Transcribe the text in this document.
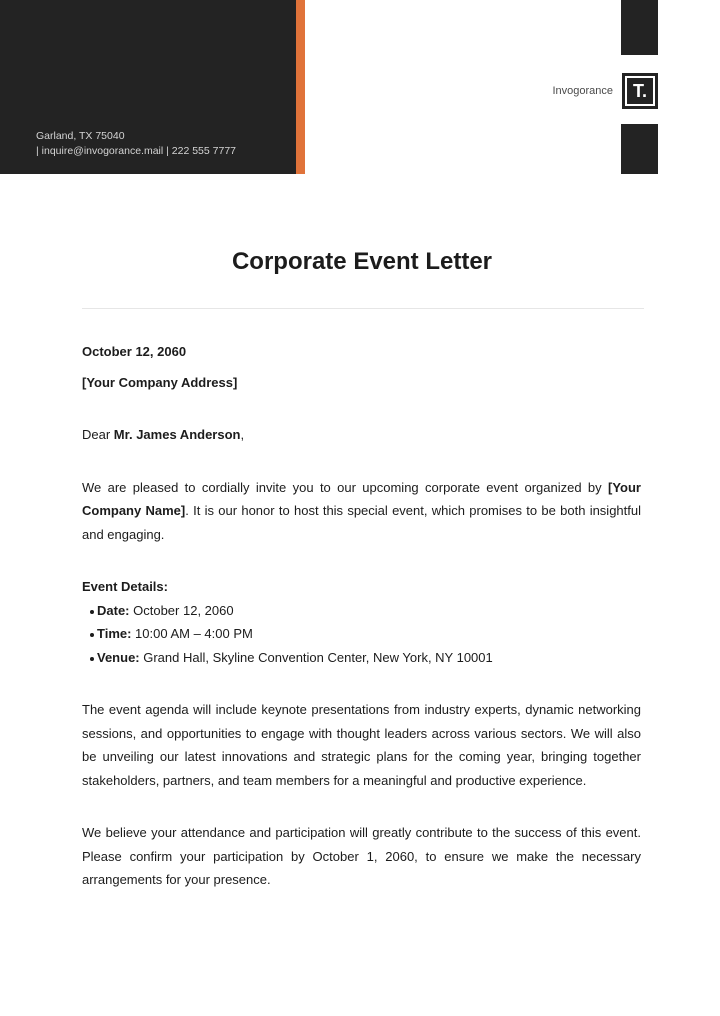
Garland, TX 75040
| inquire@invogorance.mail | 222 555 7777
Invogorance	T.
Corporate Event Letter

October 12, 2060

[Your Company Address]

Dear Mr. James Anderson,

We are pleased to cordially invite you to our upcoming corporate event organized by [Your Company Name]. It is our honor to host this special event, which promises to be both insightful and engaging.

Event Details:

Date: October 12, 2060
Time: 10:00 AM – 4:00 PM
Venue: Grand Hall, Skyline Convention Center, New York, NY 10001

The event agenda will include keynote presentations from industry experts, dynamic networking sessions, and opportunities to engage with thought leaders across various sectors. We will also be unveiling our latest innovations and strategic plans for the coming year, bringing together stakeholders, partners, and team members for a meaningful and productive experience.

We believe your attendance and participation will greatly contribute to the success of this event. Please confirm your participation by October 1, 2060, to ensure we make the necessary arrangements for your presence.
